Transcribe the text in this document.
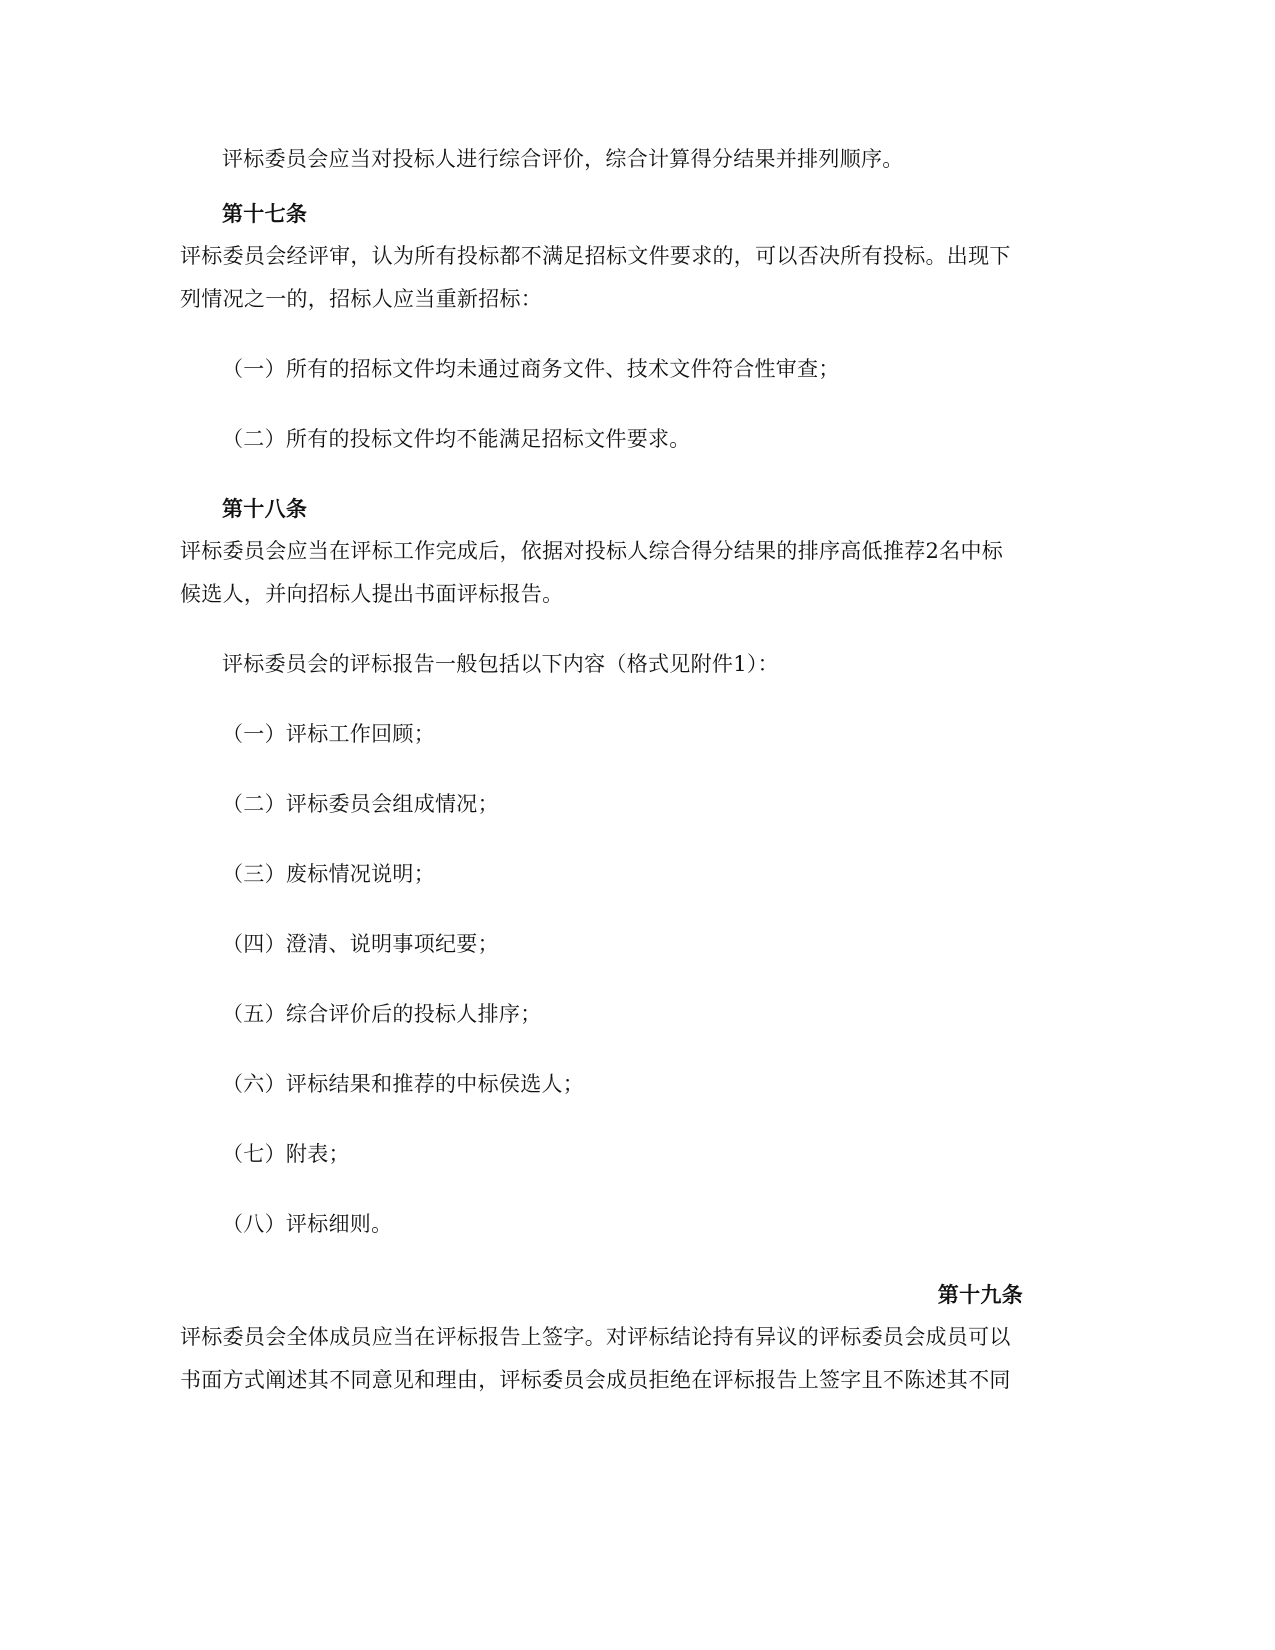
评标委员会应当对投标人进行综合评价，综合计算得分结果并排列顺序。
第十七条
评标委员会经评审，认为所有投标都不满足招标文件要求的，可以否决所有投标。出现下
列情况之一的，招标人应当重新招标：
（一）所有的招标文件均未通过商务文件、技术文件符合性审查；
（二）所有的投标文件均不能满足招标文件要求。
第十八条
评标委员会应当在评标工作完成后，依据对投标人综合得分结果的排序高低推荐2名中标
候选人，并向招标人提出书面评标报告。
评标委员会的评标报告一般包括以下内容（格式见附件1）：
（一）评标工作回顾；
（二）评标委员会组成情况；
（三）废标情况说明；
（四）澄清、说明事项纪要；
（五）综合评价后的投标人排序；
（六）评标结果和推荐的中标侯选人；
（七）附表；
（八）评标细则。
第十九条
评标委员会全体成员应当在评标报告上签字。对评标结论持有异议的评标委员会成员可以
书面方式阐述其不同意见和理由，评标委员会成员拒绝在评标报告上签字且不陈述其不同
